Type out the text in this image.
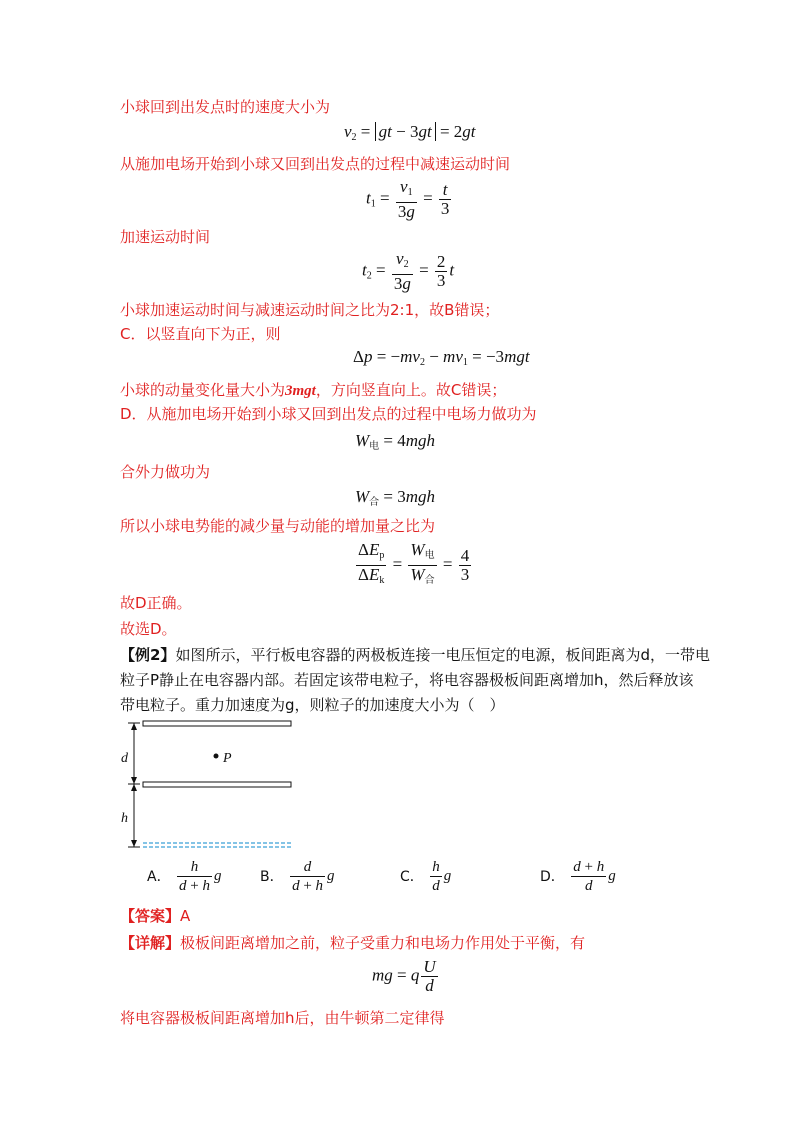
小球回到出发点时的速度大小为
$v_2$ = gt − 3gt = 2gt
从施加电场开始到小球又回到出发点的过程中减速运动时间
$t_1 = \frac{v_1}{3g} = \frac{t}{3}$
加速运动时间
$t_2 = \frac{v_2}{3g} = \frac{2}{3}$ t
小球加速运动时间与减速运动时间之比为2:1，故B错误；
C．以竖直向下为正，则
$\Delta p = -mv_2 - mv_1 = -3mgt$
小球的动量变化量大小为3mgt，方向竖直向上。故C错误；
D．从施加电场开始到小球又回到出发点的过程中电场力做功为
$W_电 = 4mgh$
合外力做功为
$W_合 = 3mgh$
所以小球电势能的减少量与动能的增加量之比为
$\frac{\Delta E_p}{\Delta E_k} = \frac{W_电}{W_合} = \frac{4}{3}$
故D正确。
故选D。
【例2】如图所示，平行板电容器的两极板连接一电压恒定的电源，板间距离为d，一带电
粒子P静止在电容器内部。若固定该带电粒子，将电容器极板间距离增加h，然后释放该
带电粒子。重力加速度为g，则粒子的加速度大小为（　）
P
d
h
A． $\frac{h}{d + h}$ g	B． $\frac{d}{d + h}$ g	C． $\frac{h}{d}$ g	D． $\frac{d + h}{d}$ g
【答案】A
【详解】极板间距离增加之前，粒子受重力和电场力作用处于平衡，有
mg = q $\frac{U}{d}$
将电容器极板间距离增加h后，由牛顿第二定律得
